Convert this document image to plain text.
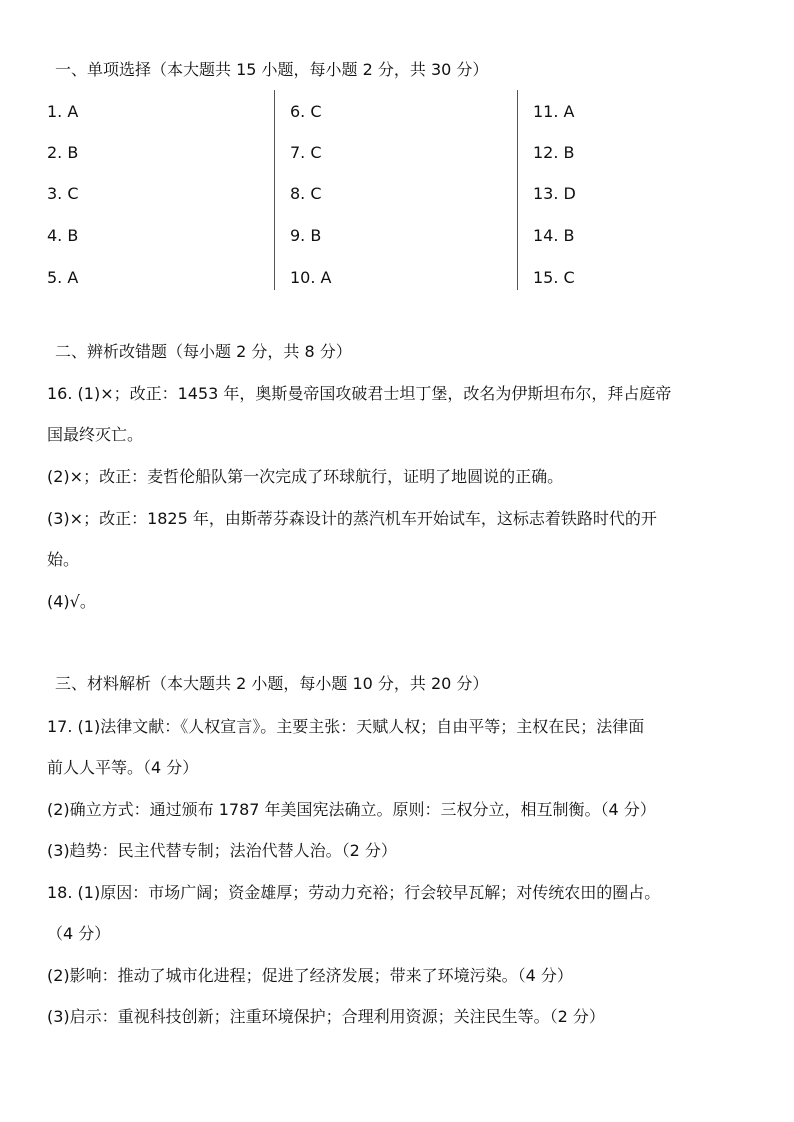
一、单项选择（本大题共 15 小题，每小题 2 分，共 30 分）
1. A
2. B
3. C
4. B
5. A
6. C
7. C
8. C
9. B
10. A
11. A
12. B
13. D
14. B
15. C
二、辨析改错题（每小题 2 分，共 8 分）
16. (1)×；改正：1453 年，奥斯曼帝国攻破君士坦丁堡，改名为伊斯坦布尔，拜占庭帝
国最终灭亡。
(2)×；改正：麦哲伦船队第一次完成了环球航行，证明了地圆说的正确。
(3)×；改正：1825 年，由斯蒂芬森设计的蒸汽机车开始试车，这标志着铁路时代的开
始。
(4)√。
三、材料解析（本大题共 2 小题，每小题 10 分，共 20 分）
17. (1)法律文献：《人权宣言》。主要主张：天赋人权；自由平等；主权在民；法律面
前人人平等。（4 分）
(2)确立方式：通过颁布 1787 年美国宪法确立。原则：三权分立，相互制衡。（4 分）
(3)趋势：民主代替专制；法治代替人治。（2 分）
18. (1)原因：市场广阔；资金雄厚；劳动力充裕；行会较早瓦解；对传统农田的圈占。
（4 分）
(2)影响：推动了城市化进程；促进了经济发展；带来了环境污染。（4 分）
(3)启示：重视科技创新；注重环境保护；合理利用资源；关注民生等。（2 分）
